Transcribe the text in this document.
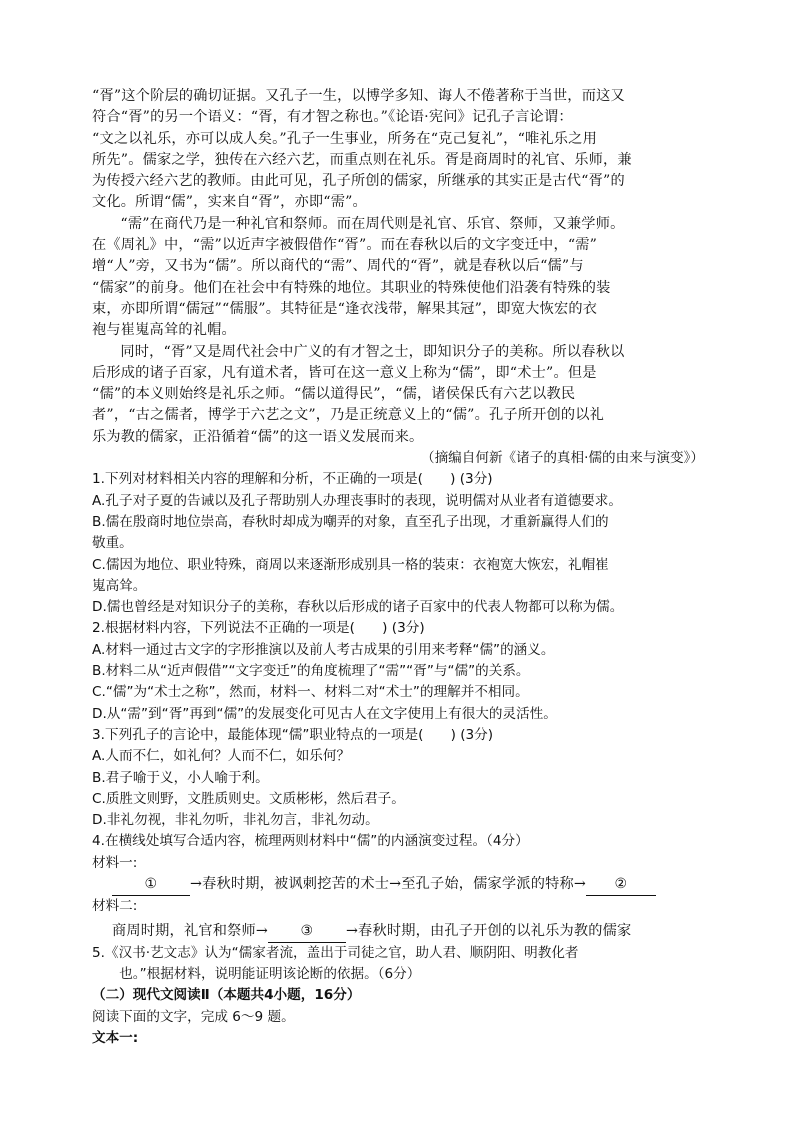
“胥”这个阶层的确切证据。又孔子一生，以博学多知、诲人不倦著称于当世，而这又

符合“胥”的另一个语义：“胥，有才智之称也。”《论语·宪问》记孔子言论谓：

“文之以礼乐，亦可以成人矣。”孔子一生事业，所务在“克己复礼”，“唯礼乐之用

所先”。儒家之学，独传在六经六艺，而重点则在礼乐。胥是商周时的礼官、乐师，兼

为传授六经六艺的教师。由此可见，孔子所创的儒家，所继承的其实正是古代“胥”的

文化。所谓“儒”，实来自“胥”，亦即“需”。

“需”在商代乃是一种礼官和祭师。而在周代则是礼官、乐官、祭师，又兼学师。

在《周礼》中，“需”以近声字被假借作“胥”。而在春秋以后的文字变迁中，“需”

增“人”旁，又书为“儒”。所以商代的“需”、周代的“胥”，就是春秋以后“儒”与

“儒家”的前身。他们在社会中有特殊的地位。其职业的特殊使他们沿袭有特殊的装

束，亦即所谓“儒冠”“儒服”。其特征是“逢衣浅带，解果其冠”，即宽大恢宏的衣

袍与崔嵬高耸的礼帽。

同时，“胥”又是周代社会中广义的有才智之士，即知识分子的美称。所以春秋以

后形成的诸子百家，凡有道术者，皆可在这一意义上称为“儒”，即“术士”。但是

“儒”的本义则始终是礼乐之师。“儒以道得民”，“儒，诸侯保氏有六艺以教民

者”，“古之儒者，博学于六艺之文”，乃是正统意义上的“儒”。孔子所开创的以礼

乐为教的儒家，正沿循着“儒”的这一语义发展而来。

（摘编自何新《诸子的真相·儒的由来与演变》）

1.下列对材料相关内容的理解和分析，不正确的一项是(　　) (3分)

A.孔子对子夏的告诫以及孔子帮助别人办理丧事时的表现，说明儒对从业者有道德要求。

B.儒在殷商时地位崇高，春秋时却成为嘲弄的对象，直至孔子出现，才重新赢得人们的

敬重。

C.儒因为地位、职业特殊，商周以来逐渐形成别具一格的装束：衣袍宽大恢宏，礼帽崔

嵬高耸。

D.儒也曾经是对知识分子的美称，春秋以后形成的诸子百家中的代表人物都可以称为儒。

2.根据材料内容，下列说法不正确的一项是(　　) (3分)

A.材料一通过古文字的字形推演以及前人考古成果的引用来考释“儒”的涵义。

B.材料二从“近声假借”“文字变迁”的角度梳理了“需”“胥”与“儒”的关系。

C.“儒”为“术士之称”，然而，材料一、材料二对“术士”的理解并不相同。

D.从“需”到“胥”再到“儒”的发展变化可见古人在文字使用上有很大的灵活性。

3.下列孔子的言论中，最能体现“儒”职业特点的一项是(　　) (3分)

A.人而不仁，如礼何？人而不仁，如乐何？

B.君子喻于义，小人喻于利。

C.质胜文则野，文胜质则史。文质彬彬，然后君子。

D.非礼勿视，非礼勿听，非礼勿言，非礼勿动。

4.在横线处填写合适内容，梳理两则材料中“儒”的内涵演变过程。（4分）

材料一:

① →春秋时期，被讽刺挖苦的术士→至孔子始，儒家学派的特称→ ②

材料二:

商周时期，礼官和祭师→ ③ →春秋时期，由孔子开创的以礼乐为教的儒家

5.《汉书·艺文志》认为“儒家者流，盖出于司徒之官，助人君、顺阴阳、明教化者

也。”根据材料，说明能证明该论断的依据。（6分）

（二）现代文阅读Ⅱ（本题共4小题，16分）

阅读下面的文字，完成 6～9 题。

文本一:
